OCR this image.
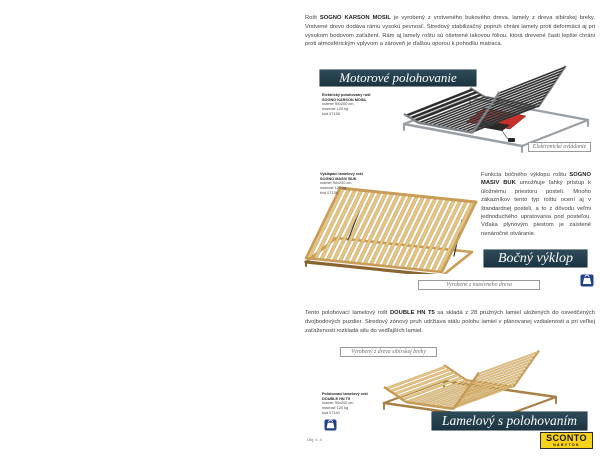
Rošt SOGNO KARSON MOSIL je vyrobený z vrstveného bukového dreva, lamely z dreva sibírskej breky. Vrstvené drevo dodáva rámu vysokú pevnosť. Stredový stabilizačný popruh chráni lamely proti deformácii aj pri vysokom bodovom zaťažení. Rám aj lamely roštu sú ošetrené lakovou fóliou, ktorá drevené časti lepšie chráni proti atmosférickým vplyvom a zároveň je ďalšou oporou k pohodliu matraca.
Motorové polohovanie
Elektricky polohovaný rošt
SOGNO KARSON MOSIL
rozmer 90x200 cm,
nosnosť 120 kg
kód 07138
Elektronické ovládanie
Vyklápací lamelový rošt
SOGNO MASIV BUK
rozmer 90x200 cm,
nosnosť 120 kg
kód 07139
Funkcia bočného výklopu roštu SOGNO MASIV BUK umožňuje ľahký prístup k úložnému priestoru postelí. Mnoho zákazníkov tento typ roštu ocení aj v štandardnej posteli, a to z dôvodu veľmi jednoduchého upratovania pod posteľou. Vďaka plynovým piestom je zaistené nenáročné otváranie.
Bočný výklop
Vyrobené z masívneho dreva
Tento polohovací lamelový rošt DOUBLE HN T5 sa skladá z 28 pružných lamiel uložených do osvedčených dvojbodových puzdier. Stredový zónový pruh udržiava stálu polohu lamiel v plánovanej vzdialenosti a pri veľkej zaťaženosti rozkladá silu do vedľajších lamiel.
Vyrobený z dreva sibírskej breky
Polohovací lamelový rošt
DOUBLE HN T5
rozmer 90x200 cm
nosnosť 120 kg
kód 07140
Lamelový s polohovaním
Obj. č. 4	SCONTO
NÁBYTOK
